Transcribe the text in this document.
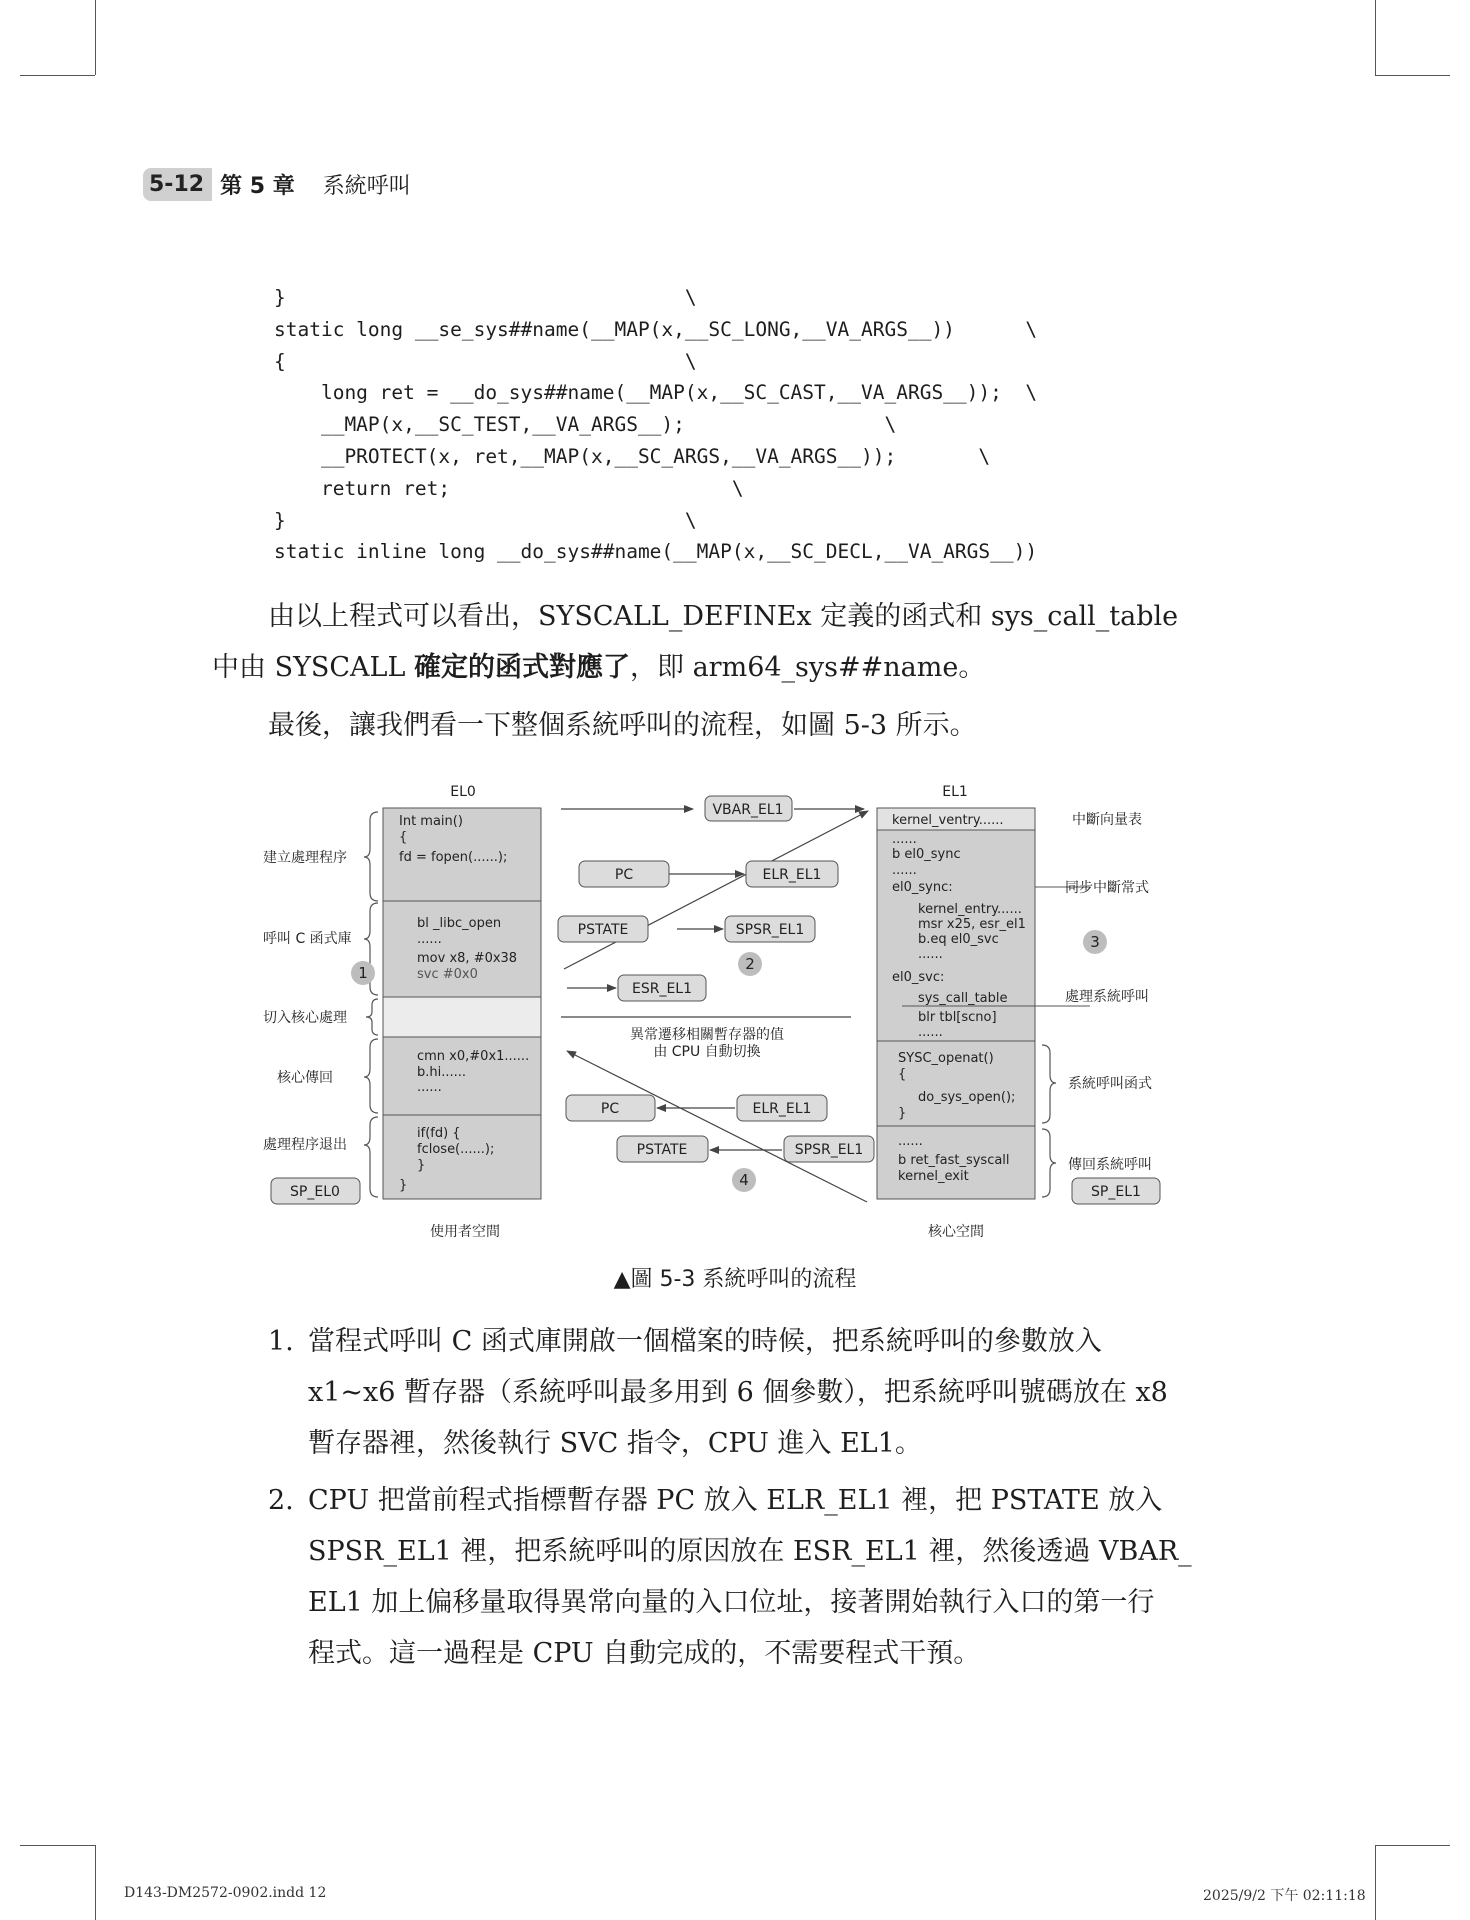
5-12 第 5 章 系統呼叫
}                                  \
static long __se_sys##name(__MAP(x,__SC_LONG,__VA_ARGS__))      \
{                                  \
long ret = __do_sys##name(__MAP(x,__SC_CAST,__VA_ARGS__));  \
__MAP(x,__SC_TEST,__VA_ARGS__);                 \
__PROTECT(x, ret,__MAP(x,__SC_ARGS,__VA_ARGS__));       \
return ret;                        \
}                                  \
static inline long __do_sys##name(__MAP(x,__SC_DECL,__VA_ARGS__))

由以上程式可以看出，SYSCALL_DEFINEx 定義的函式和 sys_call_table

中由 SYSCALL 確定的函式對應了，即 arm64_sys##name。

最後，讓我們看一下整個系統呼叫的流程，如圖 5-3 所示。

EL0	EL1
Int main()
{
fd = fopen(......);
bl _libc_open
......
mov x8, #0x38
svc #0x0
cmn x0,#0x1......
b.hi......
......
if(fd) {
fclose(......);
}
}
建立處理程序
呼叫 C 函式庫
切入核心處理
核心傳回
處理程序退出
SP_EL0
kernel_ventry......
......
b el0_sync
......
el0_sync:
kernel_entry......
msr x25, esr_el1
b.eq el0_svc
......
el0_svc:
sys_call_table
blr tbl[scno]
......
SYSC_openat()
{
do_sys_open();
}
......
b ret_fast_syscall
kernel_exit
中斷向量表
同步中斷常式
處理系統呼叫
系統呼叫函式
傳回系統呼叫
SP_EL1
VBAR_EL1
PC	ELR_EL1
PSTATE	SPSR_EL1
ESR_EL1
PC	ELR_EL1
PSTATE	SPSR_EL1
異常遷移相關暫存器的值
由 CPU 自動切換
1	2
3
4
使用者空間	核心空間
▲圖 5-3 系統呼叫的流程
1. 當程式呼叫 C 函式庫開啟一個檔案的時候，把系統呼叫的參數放入
x1~x6 暫存器（系統呼叫最多用到 6 個參數），把系統呼叫號碼放在 x8
暫存器裡，然後執行 SVC 指令，CPU 進入 EL1。
2. CPU 把當前程式指標暫存器 PC 放入 ELR_EL1 裡，把 PSTATE 放入
SPSR_EL1 裡，把系統呼叫的原因放在 ESR_EL1 裡，然後透過 VBAR_
EL1 加上偏移量取得異常向量的入口位址，接著開始執行入口的第一行
程式。這一過程是 CPU 自動完成的，不需要程式干預。
D143-DM2572-0902.indd 12	2025/9/2 下午 02:11:18
